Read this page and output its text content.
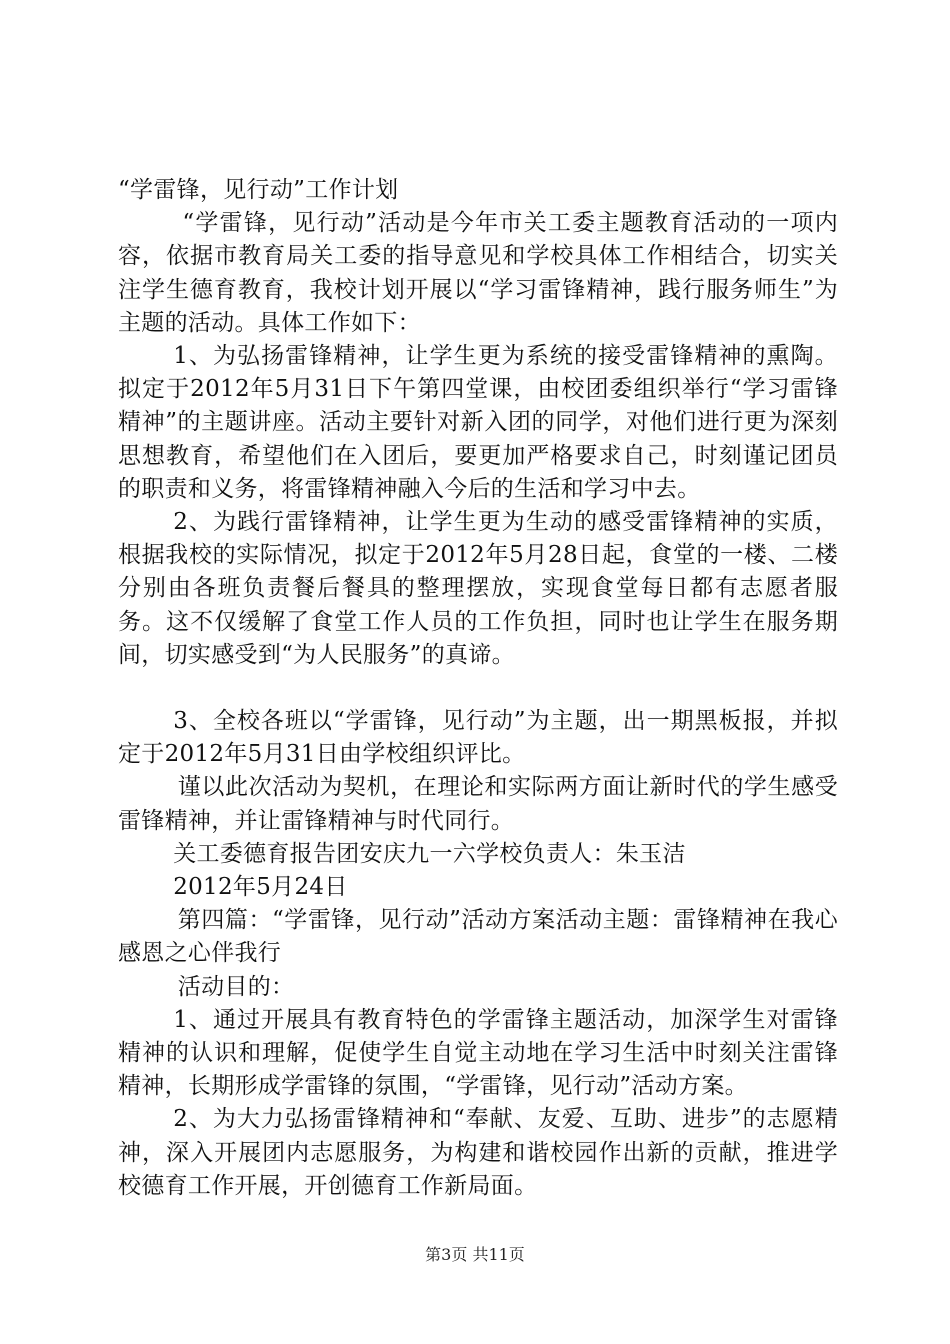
“学雷锋，见行动”工作计划

“学雷锋，见行动”活动是今年市关工委主题教育活动的一项内容，依据市教育局关工委的指导意见和学校具体工作相结合，切实关注学生德育教育，我校计划开展以“学习雷锋精神，践行服务师生”为主题的活动。具体工作如下：

1、为弘扬雷锋精神，让学生更为系统的接受雷锋精神的熏陶。拟定于2012年5月31日下午第四堂课，由校团委组织举行“学习雷锋精神”的主题讲座。活动主要针对新入团的同学，对他们进行更为深刻思想教育，希望他们在入团后，要更加严格要求自己，时刻谨记团员的职责和义务，将雷锋精神融入今后的生活和学习中去。

2、为践行雷锋精神，让学生更为生动的感受雷锋精神的实质，根据我校的实际情况，拟定于2012年5月28日起，食堂的一楼、二楼分别由各班负责餐后餐具的整理摆放，实现食堂每日都有志愿者服务。这不仅缓解了食堂工作人员的工作负担，同时也让学生在服务期间，切实感受到“为人民服务”的真谛。

3、全校各班以“学雷锋，见行动”为主题，出一期黑板报，并拟定于2012年5月31日由学校组织评比。

谨以此次活动为契机，在理论和实际两方面让新时代的学生感受雷锋精神，并让雷锋精神与时代同行。

关工委德育报告团安庆九一六学校负责人：朱玉洁

2012年5月24日

第四篇：“学雷锋，见行动”活动方案活动主题：雷锋精神在我心感恩之心伴我行

活动目的：

1、通过开展具有教育特色的学雷锋主题活动，加深学生对雷锋精神的认识和理解，促使学生自觉主动地在学习生活中时刻关注雷锋精神，长期形成学雷锋的氛围，“学雷锋，见行动”活动方案。

2、为大力弘扬雷锋精神和“奉献、友爱、互助、进步”的志愿精神，深入开展团内志愿服务，为构建和谐校园作出新的贡献，推进学校德育工作开展，开创德育工作新局面。

第3页 共11页
